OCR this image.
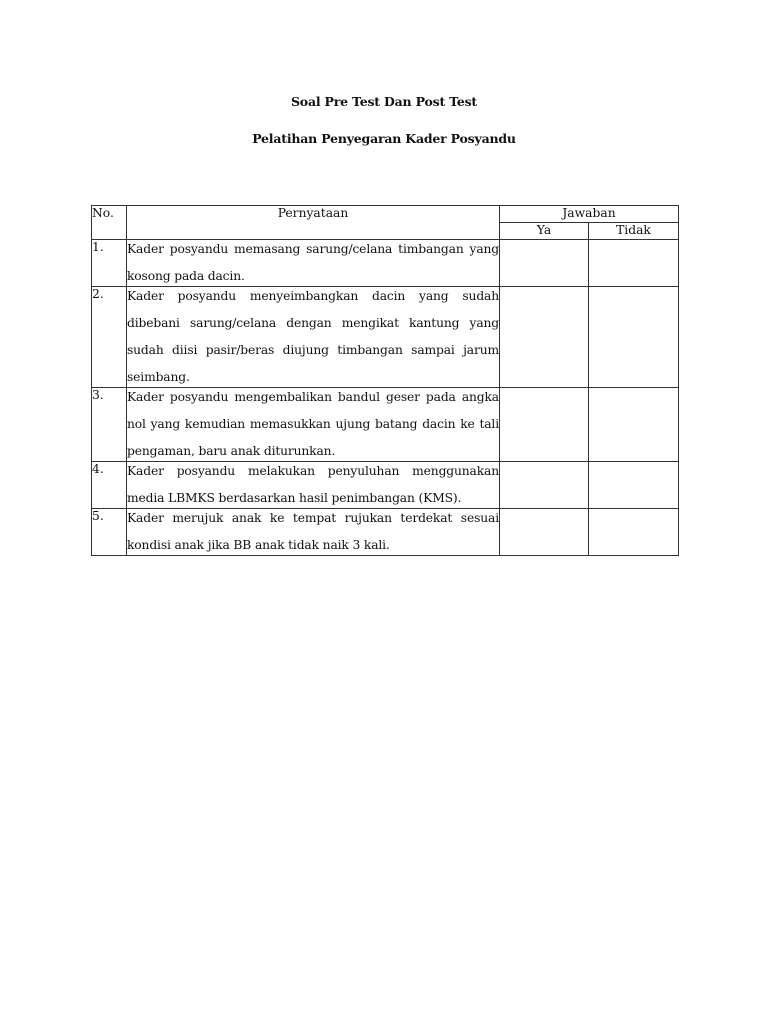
Soal Pre Test Dan Post Test
Pelatihan Penyegaran Kader Posyandu
No.	Pernyataan	Jawaban	
		Ya	Tidak
1.	Kader posyandu memasang sarung/celana timbangan yang kosong pada dacin.		

2.	Kader posyandu menyeimbangkan dacin yang sudah dibebani sarung/celana dengan mengikat kantung yang sudah diisi pasir/beras diujung timbangan sampai jarum seimbang.		

3.	Kader posyandu mengembalikan bandul geser pada angka nol yang kemudian memasukkan ujung batang dacin ke tali pengaman, baru anak diturunkan.		

4.	Kader posyandu melakukan penyuluhan menggunakan media LBMKS berdasarkan hasil penimbangan (KMS).		

5.	Kader merujuk anak ke tempat rujukan terdekat sesuai kondisi anak jika BB anak tidak naik 3 kali.		
